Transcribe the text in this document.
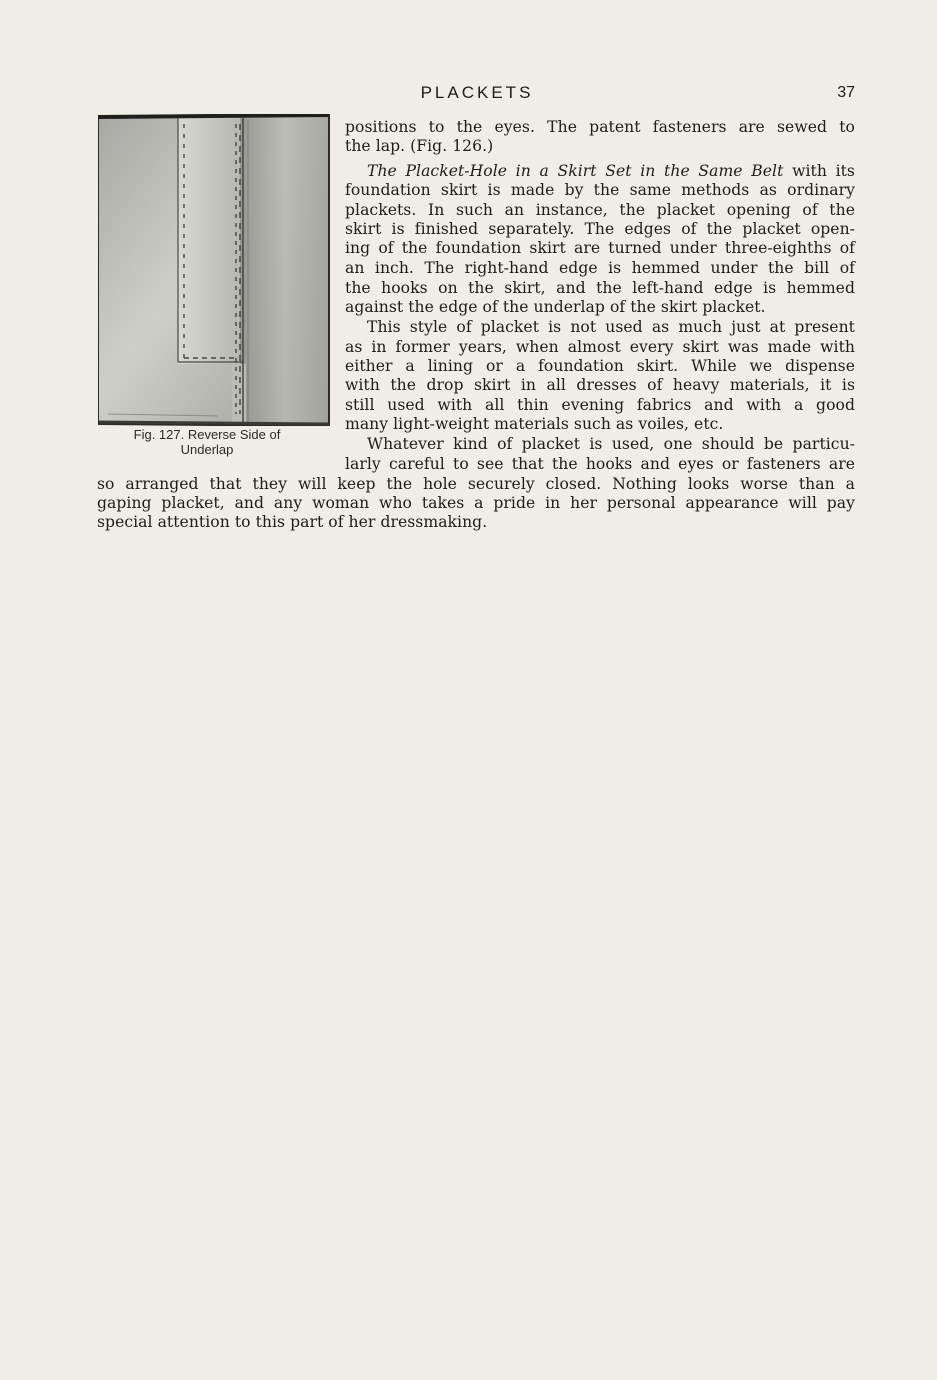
PLACKETS	37
Fig. 127. Reverse Side of
Underlap
positions to the eyes. The patent fasteners are sewed to
the lap. (Fig. 126.)
The Placket-Hole in a Skirt Set in the Same Belt with its
foundation skirt is made by the same methods as ordinary
plackets. In such an instance, the placket opening of the
skirt is finished separately. The edges of the placket open-
ing of the foundation skirt are turned under three-eighths of
an inch. The right-hand edge is hemmed under the bill of
the hooks on the skirt, and the left-hand edge is hemmed
against the edge of the underlap of the skirt placket.
This style of placket is not used as much just at present
as in former years, when almost every skirt was made with
either a lining or a foundation skirt. While we dispense
with the drop skirt in all dresses of heavy materials, it is
still used with all thin evening fabrics and with a good
many light-weight materials such as voiles, etc.
Whatever kind of placket is used, one should be particu-
larly careful to see that the hooks and eyes or fasteners are
so arranged that they will keep the hole securely closed. Nothing looks worse than a
gaping placket, and any woman who takes a pride in her personal appearance will pay
special attention to this part of her dressmaking.
